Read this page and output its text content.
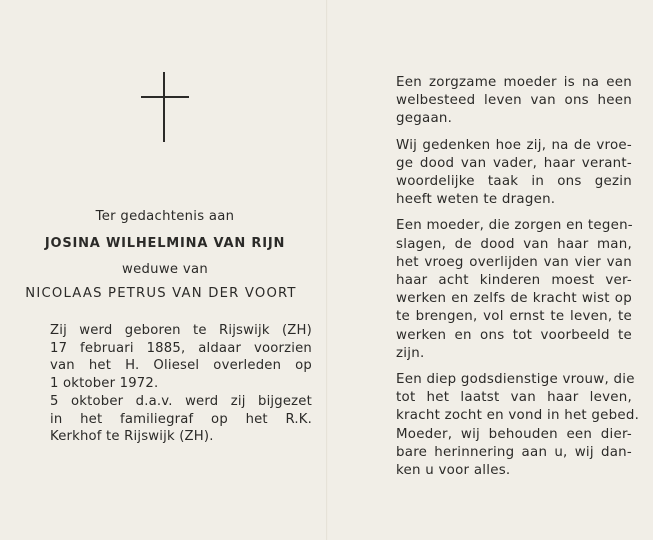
Ter gedachtenis aan
JOSINA WILHELMINA VAN RIJN
weduwe van
NICOLAAS PETRUS VAN DER VOORT
Zij werd geboren te Rijswijk (ZH)
17 februari 1885, aldaar voorzien
van het H. Oliesel overleden op
1 oktober 1972.
5 oktober d.a.v. werd zij bijgezet
in het familiegraf op het R.K.
Kerkhof te Rijswijk (ZH).
Een zorgzame moeder is na een
welbesteed leven van ons heen
gegaan.
Wij gedenken hoe zij, na de vroe-
ge dood van vader, haar verant-
woordelijke taak in ons gezin
heeft weten te dragen.
Een moeder, die zorgen en tegen-
slagen, de dood van haar man,
het vroeg overlijden van vier van
haar acht kinderen moest ver-
werken en zelfs de kracht wist op
te brengen, vol ernst te leven, te
werken en ons tot voorbeeld te
zijn.
Een diep godsdienstige vrouw, die
tot het laatst van haar leven,
kracht zocht en vond in het gebed.
Moeder, wij behouden een dier-
bare herinnering aan u, wij dan-
ken u voor alles.
